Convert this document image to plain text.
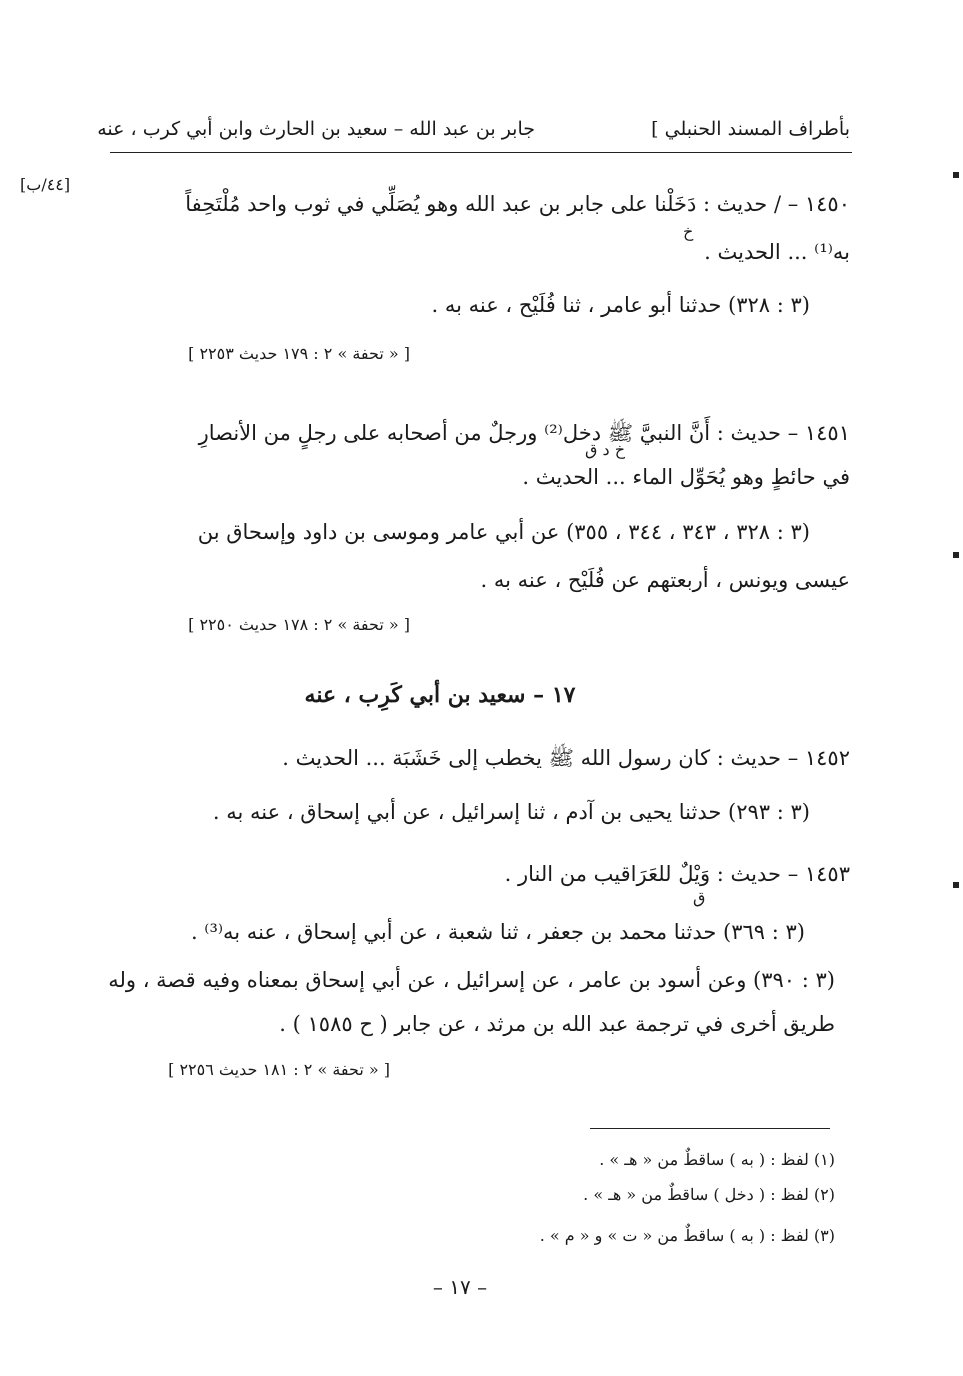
جابر بن عبد الله – سعيد بن الحارث وابن أبي كرب ، عنه	بأطراف المسند الحنبلي ]
١٤٥٠ – / حديث : دَخَلْنا على جابر بن عبد الله وهو يُصَلِّي في ثوب واحد مُلْتَحِفاً
[٤٤/ب]
خ
به⁽¹⁾ ... الحديث .
(٣ : ٣٢٨) حدثنا أبو عامر ، ثنا فُلَيْح ، عنه به .
[ « تحفة » ٢ : ١٧٩ حديث ٢٢٥٣ ]
١٤٥١ – حديث : أَنَّ النبيَّ ﷺ دخل⁽²⁾ ورجلٌ من أصحابه على رجلٍ من الأنصارِ
خ د ق
في حائطٍ وهو يُحَوِّل الماء ... الحديث .
(٣ : ٣٢٨ ، ٣٤٣ ، ٣٤٤ ، ٣٥٥) عن أبي عامر وموسى بن داود وإسحاق بن
عيسى ويونس ، أربعتهم عن فُلَيْح ، عنه به .
[ « تحفة » ٢ : ١٧٨ حديث ٢٢٥٠ ]
١٧ – سعيد بن أبي كَرِب ، عنه
١٤٥٢ – حديث : كان رسول الله ﷺ يخطب إلى خَشَبَة ... الحديث .
(٣ : ٢٩٣) حدثنا يحيى بن آدم ، ثنا إسرائيل ، عن أبي إسحاق ، عنه به .
١٤٥٣ – حديث : وَيْلٌ للعَرَاقيب من النار .
ق
(٣ : ٣٦٩) حدثنا محمد بن جعفر ، ثنا شعبة ، عن أبي إسحاق ، عنه به⁽³⁾ .
(٣ : ٣٩٠) وعن أسود بن عامر ، عن إسرائيل ، عن أبي إسحاق بمعناه وفيه قصة ، وله
طريق أخرى في ترجمة عبد الله بن مرثد ، عن جابر ( ح ١٥٨٥ ) .
[ « تحفة » ٢ : ١٨١ حديث ٢٢٥٦ ]
(١) لفظ : ( به ) ساقطٌ من « هـ » .
(٢) لفظ : ( دخل ) ساقطٌ من « هـ » .
(٣) لفظ : ( به ) ساقطٌ من « ت » و « م » .
– ١٧ –
